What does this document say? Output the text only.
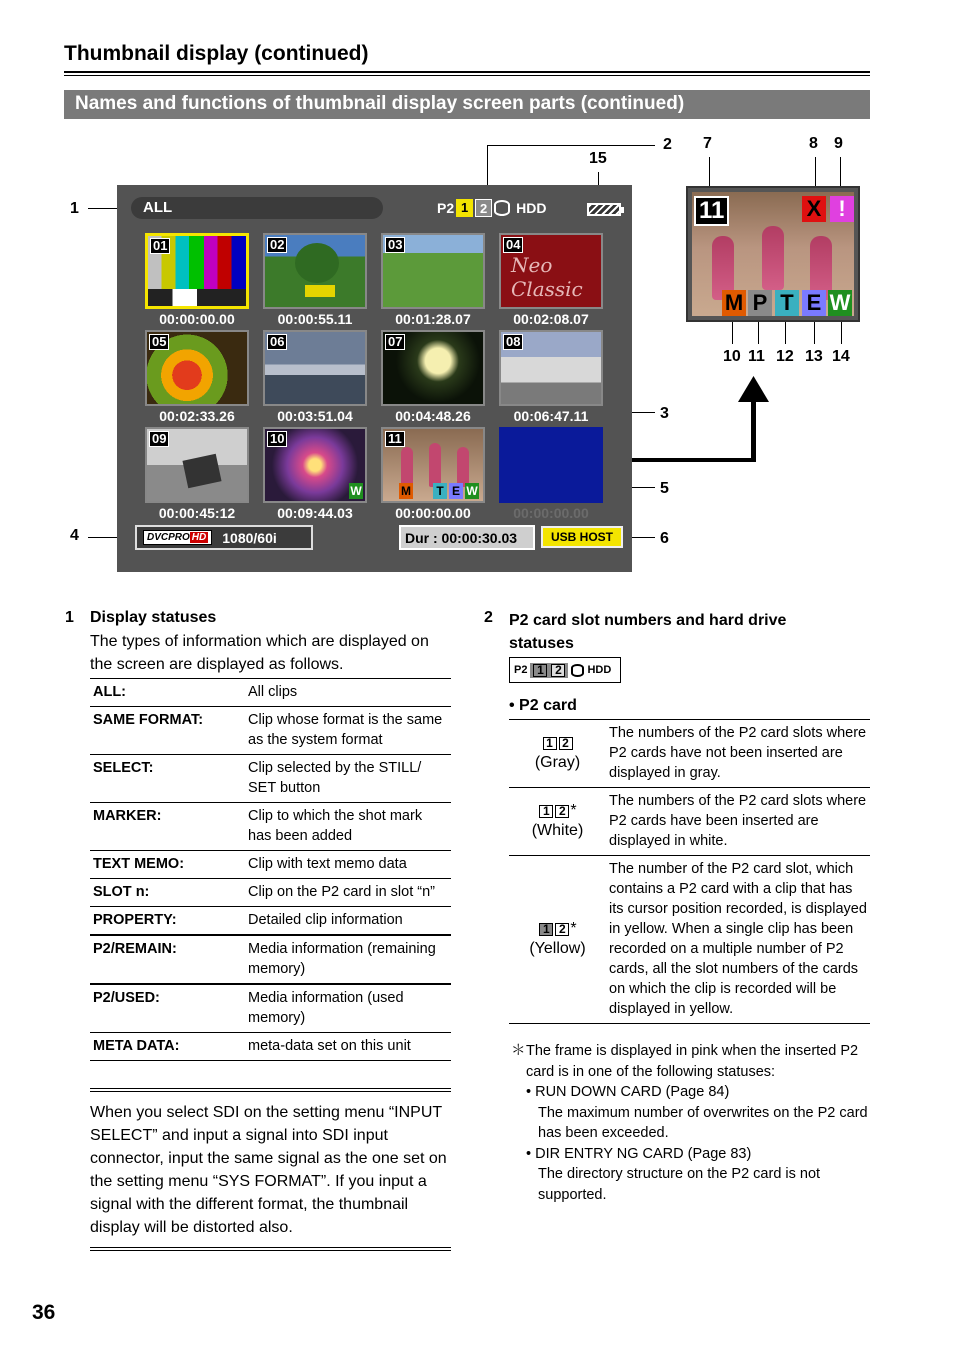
Thumbnail display (continued)
Names and functions of thumbnail display screen parts (continued)
1
2
15
3
4
5
6
7	8 9
10 11 12 13 14
ALL	P2 1 2	HDD
01	02	03
Neo Classic
04
05	06	07	08
09	10
W
11
M T E W
00:00:00.00	00:00:55.11	00:01:28.07	00:02:08.07
00:02:33.26	00:03:51.04	00:04:48.26	00:06:47.11
00:00:45:12	00:09:44.03	00:00:00.00	00:00:00.00
DVCPRO HD	1080/60i	Dur : 00:00:30.03	USB HOST
11	X !
M P T E W
1 Display statuses
The types of information which are displayed on the screen are displayed as follows.
ALL:	All clips
SAME FORMAT:	Clip whose format is the same as the system format
SELECT:	Clip selected by the STILL/ SET button
MARKER:	Clip to which the shot mark has been added
TEXT MEMO:	Clip with text memo data
SLOT n:	Clip on the P2 card in slot “n”
PROPERTY:	Detailed clip information
P2/REMAIN:	Media information (remaining memory)
P2/USED:	Media information (used memory)
META DATA:	meta-data set on this unit
When you select SDI on the setting menu “INPUT SELECT” and input a signal into SDI input connector, input the same signal as the one set on the setting menu “SYS FORMAT”. If you input a signal with the different format, the thumbnail display will be distorted also.
2 P2 card slot numbers and hard drive statuses
P2 1 2	HDD
• P2 card
1 2
(Gray)	The numbers of the P2 card slots where P2 cards have not been inserted are displayed in gray.
1 2 *
(White)	The numbers of the P2 card slots where P2 cards have been inserted are displayed in white.
1 2 *
(Yellow)	The number of the P2 card slot, which contains a P2 card with a clip that has its cursor position recorded, is displayed in yellow. When a single clip has been recorded on a multiple number of P2 cards, all the slot numbers of the cards on which the clip is recorded will be displayed in yellow.
＊ The frame is displayed in pink when the inserted P2 card is in one of the following statuses:
• RUN DOWN CARD (Page 84)
The maximum number of overwrites on the P2 card has been exceeded.
• DIR ENTRY NG CARD (Page 83)
The directory structure on the P2 card is not supported.
36
